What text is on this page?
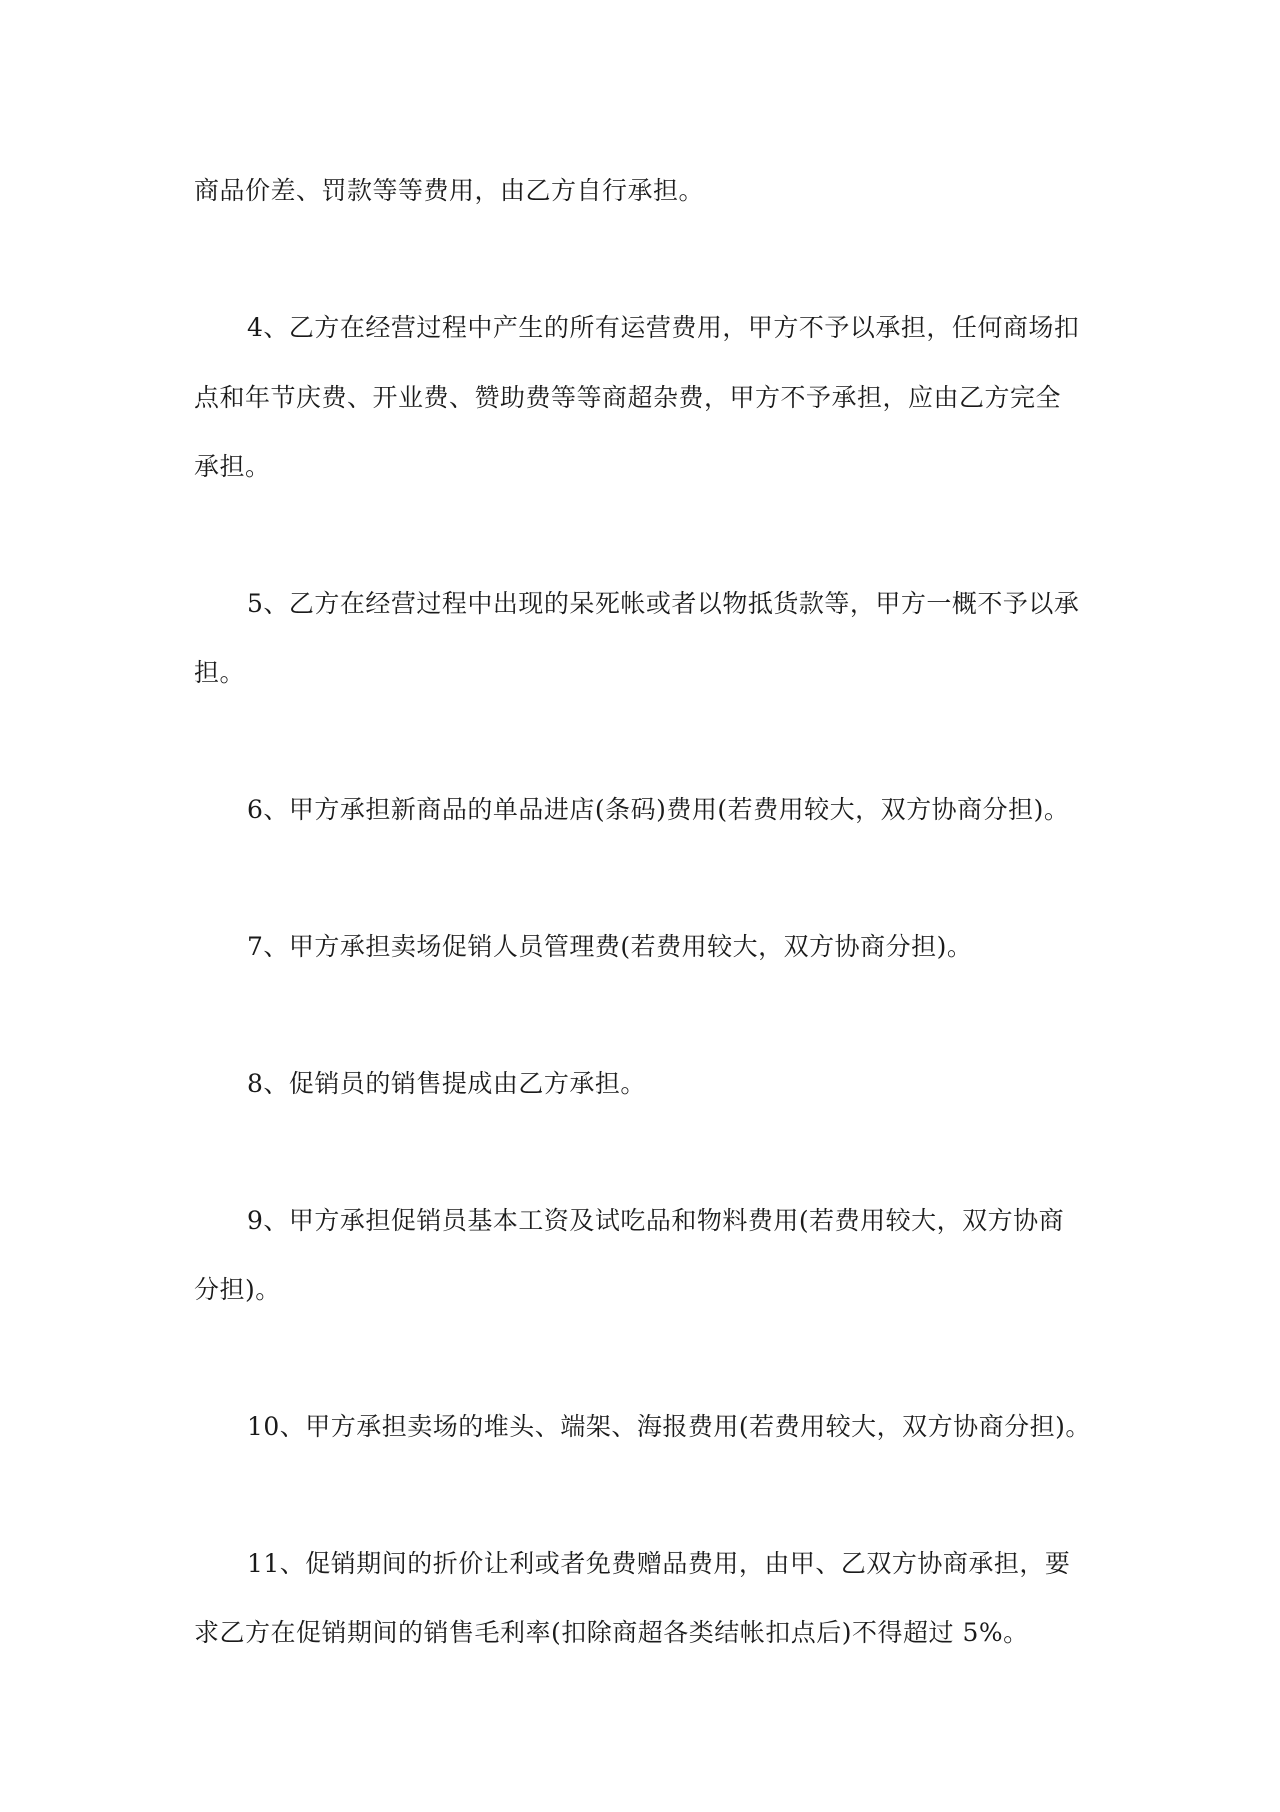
商品价差、罚款等等费用，由乙方自行承担。
4、乙方在经营过程中产生的所有运营费用，甲方不予以承担，任何商场扣
点和年节庆费、开业费、赞助费等等商超杂费，甲方不予承担，应由乙方完全
承担。
5、乙方在经营过程中出现的呆死帐或者以物抵货款等，甲方一概不予以承
担。
6、甲方承担新商品的单品进店(条码)费用(若费用较大，双方协商分担)。
7、甲方承担卖场促销人员管理费(若费用较大，双方协商分担)。
8、促销员的销售提成由乙方承担。
9、甲方承担促销员基本工资及试吃品和物料费用(若费用较大，双方协商
分担)。
10、甲方承担卖场的堆头、端架、海报费用(若费用较大，双方协商分担)。
11、促销期间的折价让利或者免费赠品费用，由甲、乙双方协商承担，要
求乙方在促销期间的销售毛利率(扣除商超各类结帐扣点后)不得超过 5%。
